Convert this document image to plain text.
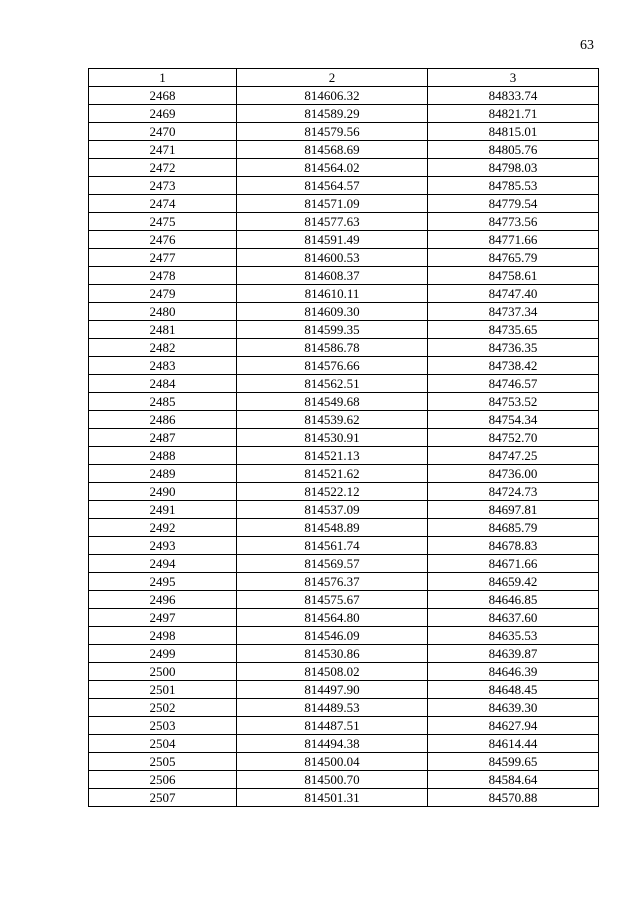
63
1	2	3
2468	814606.32	84833.74
2469	814589.29	84821.71
2470	814579.56	84815.01
2471	814568.69	84805.76
2472	814564.02	84798.03
2473	814564.57	84785.53
2474	814571.09	84779.54
2475	814577.63	84773.56
2476	814591.49	84771.66
2477	814600.53	84765.79
2478	814608.37	84758.61
2479	814610.11	84747.40
2480	814609.30	84737.34
2481	814599.35	84735.65
2482	814586.78	84736.35
2483	814576.66	84738.42
2484	814562.51	84746.57
2485	814549.68	84753.52
2486	814539.62	84754.34
2487	814530.91	84752.70
2488	814521.13	84747.25
2489	814521.62	84736.00
2490	814522.12	84724.73
2491	814537.09	84697.81
2492	814548.89	84685.79
2493	814561.74	84678.83
2494	814569.57	84671.66
2495	814576.37	84659.42
2496	814575.67	84646.85
2497	814564.80	84637.60
2498	814546.09	84635.53
2499	814530.86	84639.87
2500	814508.02	84646.39
2501	814497.90	84648.45
2502	814489.53	84639.30
2503	814487.51	84627.94
2504	814494.38	84614.44
2505	814500.04	84599.65
2506	814500.70	84584.64
2507	814501.31	84570.88
